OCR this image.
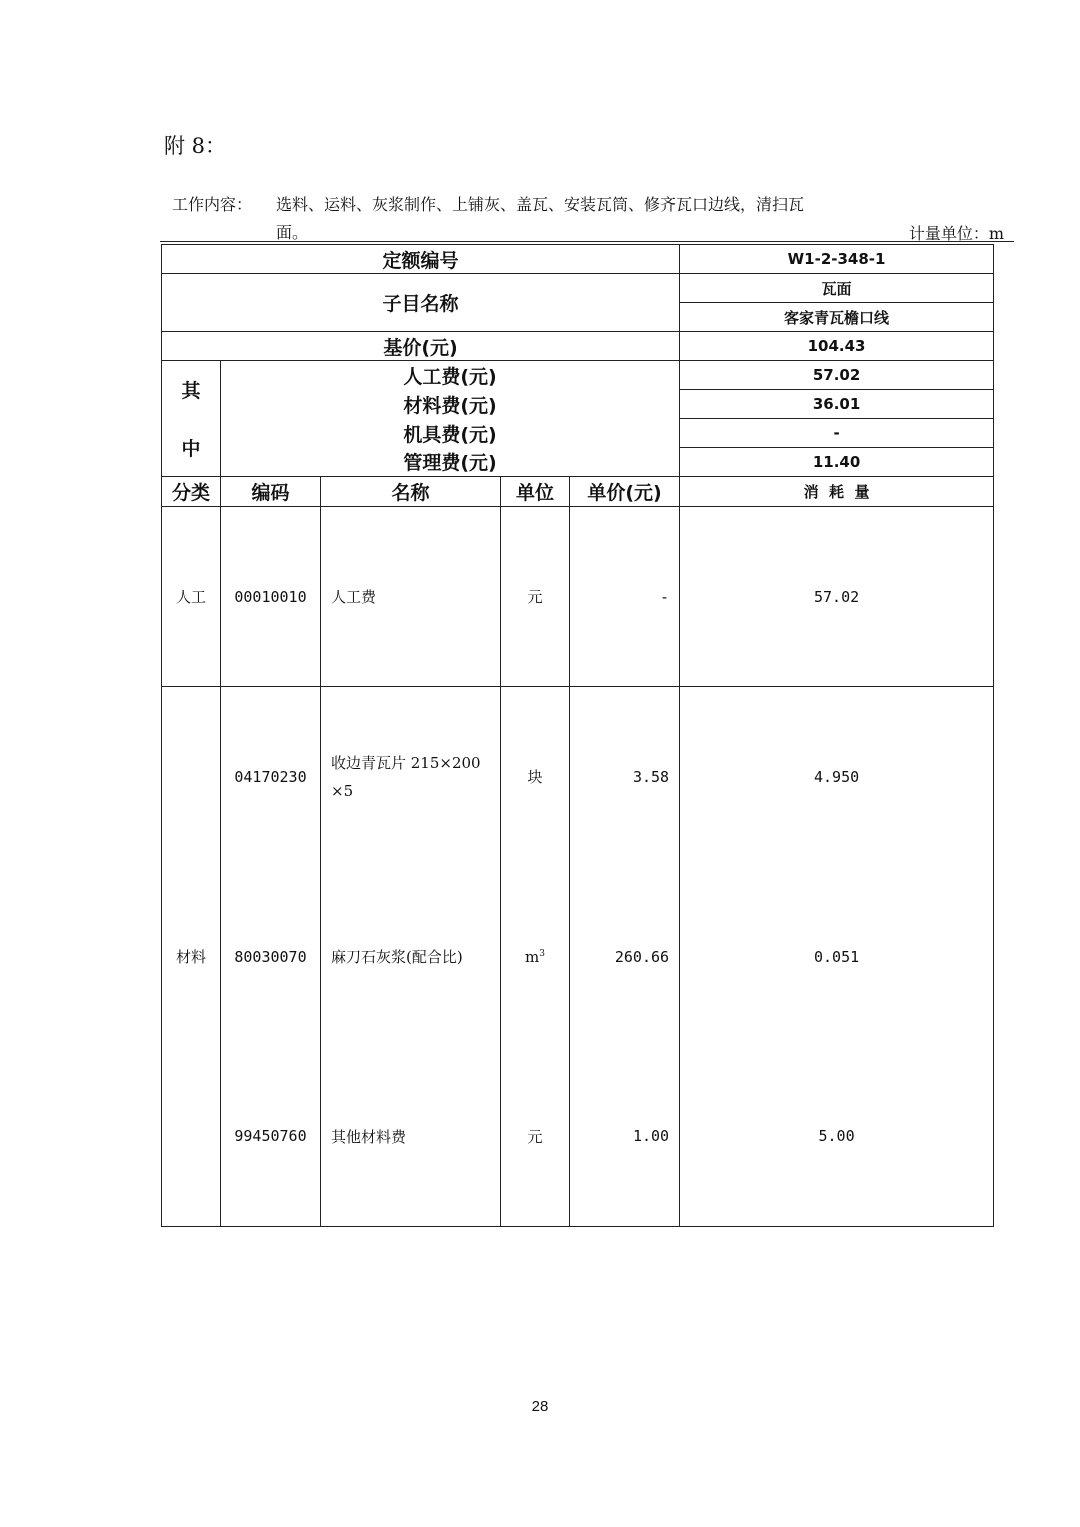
附 8：
工作内容： 选料、运料、灰浆制作、上铺灰、盖瓦、安装瓦筒、修齐瓦口边线，清扫瓦
面。	计量单位：m
定额编号					W1-2-348-1
子目名称					瓦面
					客家青瓦檐口线
基价(元)					104.43
其	人工费(元)				57.02
	材料费(元)				36.01
中	机具费(元)				-
	管理费(元)				11.40
分类	编码	名称	单位	单价(元)	消  耗  量
人工	00010010	人工费	元	-	57.02
材料	04170230	收边青瓦片 215×200
×5	块	3.58	4.950
	80030070	麻刀石灰浆(配合比)	$m^3$	260.66	0.051
	99450760	其他材料费	元	1.00	5.00
28
